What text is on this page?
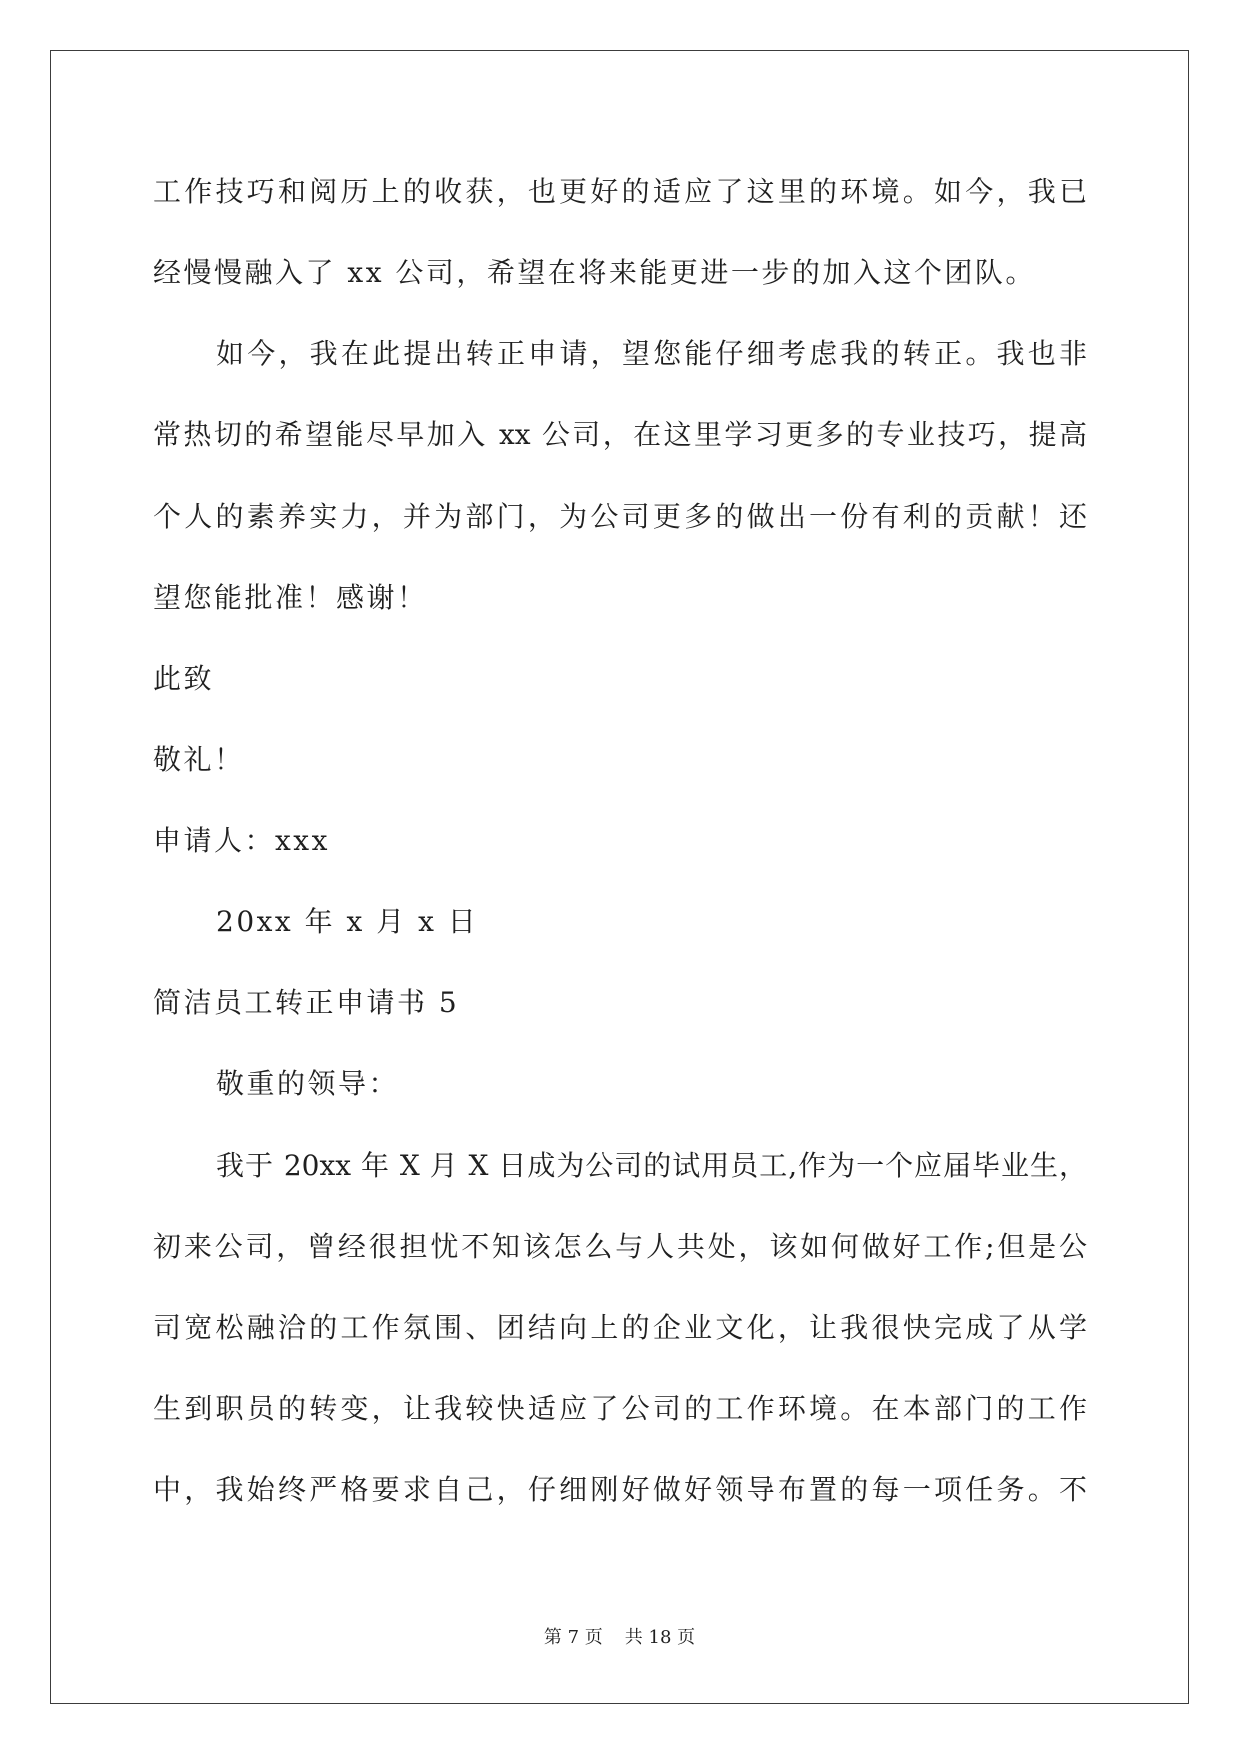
工作技巧和阅历上的收获，也更好的适应了这里的环境。如今，我已
经慢慢融入了 xx 公司，希望在将来能更进一步的加入这个团队。
如今，我在此提出转正申请，望您能仔细考虑我的转正。我也非
常热切的希望能尽早加入 xx 公司，在这里学习更多的专业技巧，提高
个人的素养实力，并为部门，为公司更多的做出一份有利的贡献！还
望您能批准！感谢！
此致
敬礼！
申请人：xxx
20xx 年 x 月 x 日
简洁员工转正申请书 5
敬重的领导：
我于 20xx 年 X 月 X 日成为公司的试用员工,作为一个应届毕业生，
初来公司，曾经很担忧不知该怎么与人共处，该如何做好工作;但是公
司宽松融洽的工作氛围、团结向上的企业文化，让我很快完成了从学
生到职员的转变，让我较快适应了公司的工作环境。在本部门的工作
中，我始终严格要求自己，仔细刚好做好领导布置的每一项任务。不
第 7 页 共 18 页
